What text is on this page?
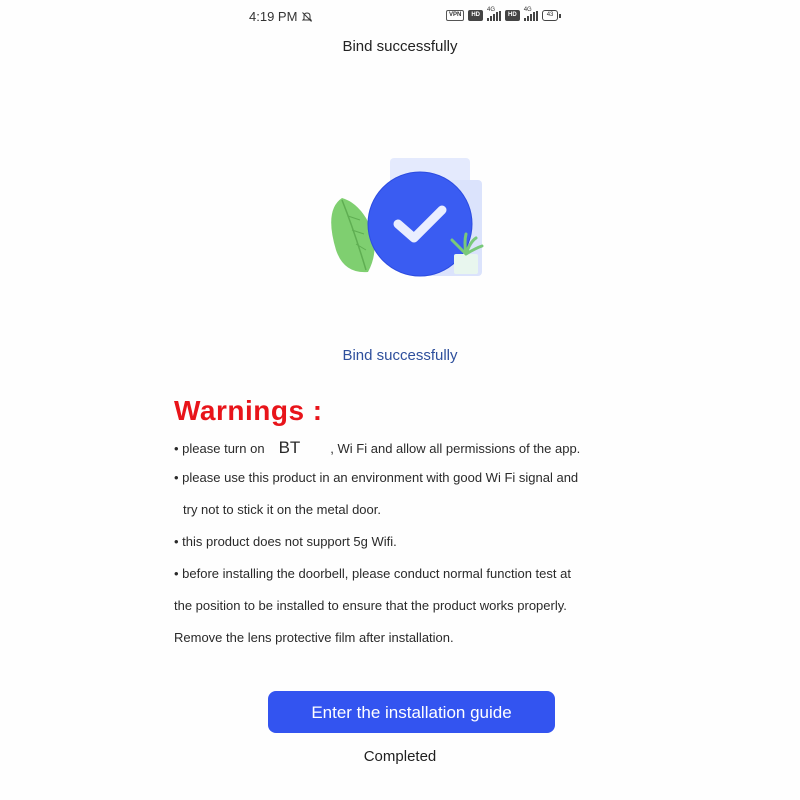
4:19 PM	VPN	HD
4G
HD
4G
43
Bind successfully
Bind successfully
Warnings :
• please turn on BT , Wi Fi and allow all permissions of the app.
• please use this product in an environment with good Wi Fi signal and
try not to stick it on the metal door.
• this product does not support 5g Wifi.
• before installing the doorbell, please conduct normal function test at
the position to be installed to ensure that the product works properly.
Remove the lens protective film after installation.
Enter the installation guide
Completed
